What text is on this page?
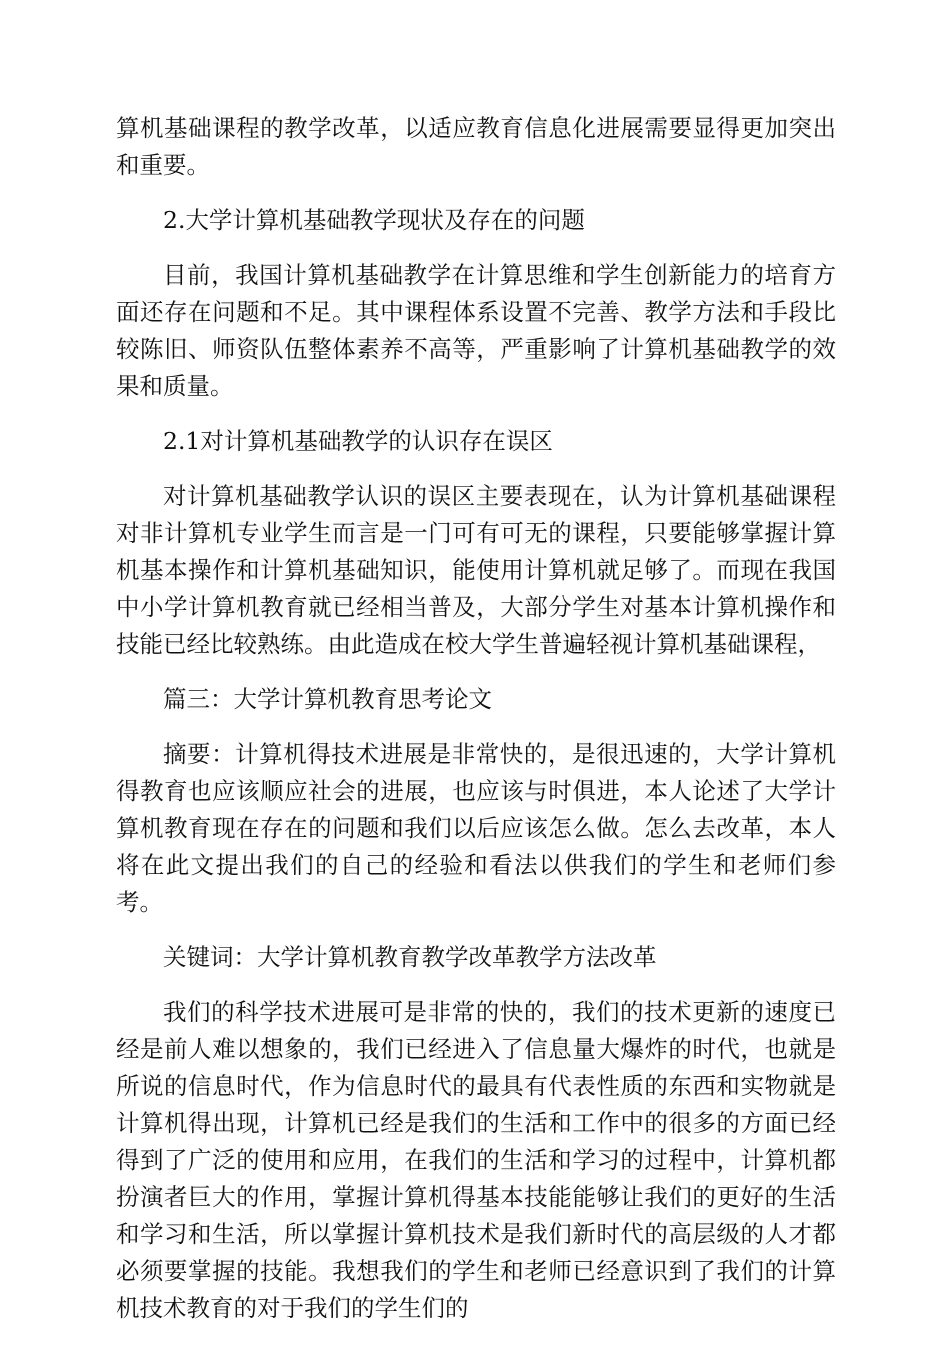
算机基础课程的教学改革，以适应教育信息化进展需要显得更加突出和重要。

2.大学计算机基础教学现状及存在的问题

目前，我国计算机基础教学在计算思维和学生创新能力的培育方面还存在问题和不足。其中课程体系设置不完善、教学方法和手段比较陈旧、师资队伍整体素养不高等，严重影响了计算机基础教学的效果和质量。

2.1对计算机基础教学的认识存在误区

对计算机基础教学认识的误区主要表现在，认为计算机基础课程对非计算机专业学生而言是一门可有可无的课程，只要能够掌握计算机基本操作和计算机基础知识，能使用计算机就足够了。而现在我国中小学计算机教育就已经相当普及，大部分学生对基本计算机操作和技能已经比较熟练。由此造成在校大学生普遍轻视计算机基础课程，

篇三：大学计算机教育思考论文

摘要：计算机得技术进展是非常快的，是很迅速的，大学计算机得教育也应该顺应社会的进展，也应该与时俱进，本人论述了大学计算机教育现在存在的问题和我们以后应该怎么做。怎么去改革，本人将在此文提出我们的自己的经验和看法以供我们的学生和老师们参考。

关键词：大学计算机教育教学改革教学方法改革

我们的科学技术进展可是非常的快的，我们的技术更新的速度已经是前人难以想象的，我们已经进入了信息量大爆炸的时代，也就是所说的信息时代，作为信息时代的最具有代表性质的东西和实物就是计算机得出现，计算机已经是我们的生活和工作中的很多的方面已经得到了广泛的使用和应用，在我们的生活和学习的过程中，计算机都扮演者巨大的作用，掌握计算机得基本技能能够让我们的更好的生活和学习和生活，所以掌握计算机技术是我们新时代的高层级的人才都必须要掌握的技能。我想我们的学生和老师已经意识到了我们的计算机技术教育的对于我们的学生们的
